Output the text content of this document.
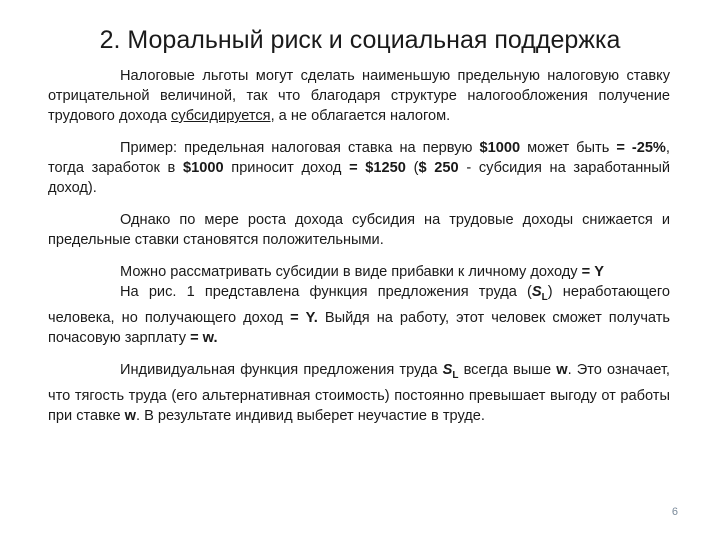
2. Моральный риск и социальная поддержка

Налоговые льготы могут сделать наименьшую предельную налоговую ставку отрицательной величиной, так что благодаря структуре налогообложения получение трудового дохода субсидируется, а не облагается налогом.

Пример: предельная налоговая ставка на первую $1000 может быть = -25%, тогда заработок в $1000 приносит доход = $1250 ($ 250 - субсидия на заработанный доход).

Однако по мере роста дохода субсидия на трудовые доходы снижается и предельные ставки становятся положительными.

Можно рассматривать субсидии в виде прибавки к личному доходу = Y

На рис. 1 представлена функция предложения труда $(S_L)$ неработающего человека, но получающего доход = Y. Выйдя на работу, этот человек сможет получать почасовую зарплату = w.

Индивидуальная функция предложения труда $S_L$ всегда выше w. Это означает, что тягость труда (его альтернативная стоимость) постоянно превышает выгоду от работы при ставке w. В результате индивид выберет неучастие в труде.

6
